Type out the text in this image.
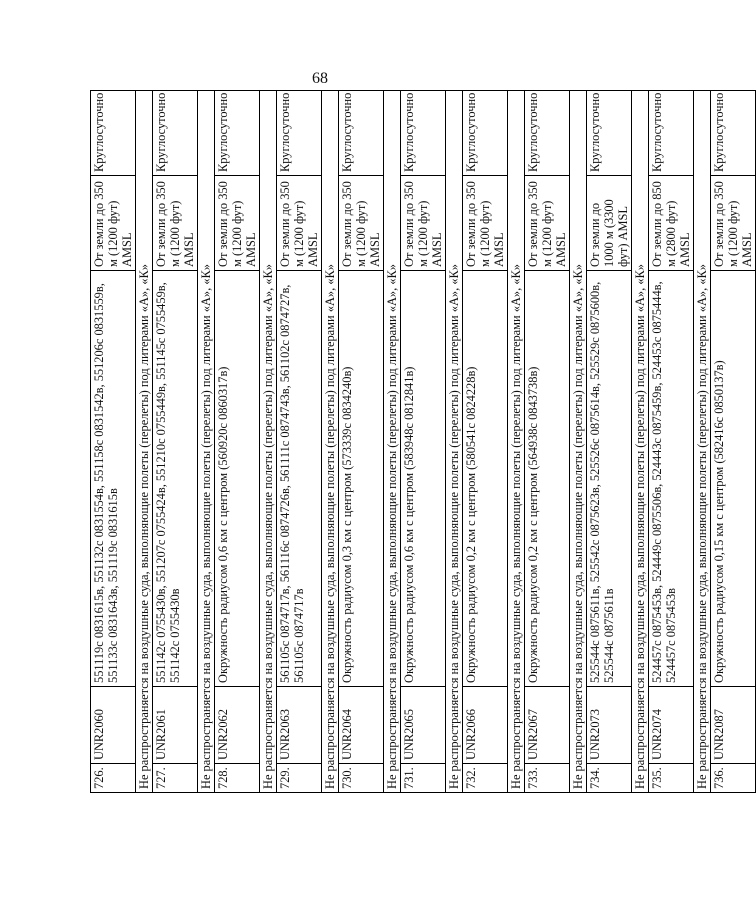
68
726.	UNR2060	551119с 0831615в, 551132с 0831554в, 551158с 0831542в, 551206с 0831559в, 551133с 0831643в, 551119с 0831615в	От земли до 350 м (1200 фут) AMSL	Круглосуточно
Не распространяется на воздушные суда, выполняющие полеты (перелеты) под литерами «А», «К»				
727.	UNR2061	551142с 0755430в, 551207с 0755424в, 551210с 0755449в, 551145с 0755459в, 551142с 0755430в	От земли до 350 м (1200 фут) AMSL	Круглосуточно
Не распространяется на воздушные суда, выполняющие полеты (перелеты) под литерами «А», «К»				
728.	UNR2062	Окружность радиусом 0,6 км с центром (560920с 0860317в)	От земли до 350 м (1200 фут) AMSL	Круглосуточно
Не распространяется на воздушные суда, выполняющие полеты (перелеты) под литерами «А», «К»				
729.	UNR2063	561105с 0874717в, 561116с 0874726в, 561111с 0874743в, 561102с 0874727в, 561105с 0874717в	От земли до 350 м (1200 фут) AMSL	Круглосуточно
Не распространяется на воздушные суда, выполняющие полеты (перелеты) под литерами «А», «К»				
730.	UNR2064	Окружность радиусом 0,3 км с центром (573339с 0834240в)	От земли до 350 м (1200 фут) AMSL	Круглосуточно
Не распространяется на воздушные суда, выполняющие полеты (перелеты) под литерами «А», «К»				
731.	UNR2065	Окружность радиусом 0,6 км с центром (583948с 0812841в)	От земли до 350 м (1200 фут) AMSL	Круглосуточно
Не распространяется на воздушные суда, выполняющие полеты (перелеты) под литерами «А», «К»				
732.	UNR2066	Окружность радиусом 0,2 км с центром (580541с 0824228в)	От земли до 350 м (1200 фут) AMSL	Круглосуточно
Не распространяется на воздушные суда, выполняющие полеты (перелеты) под литерами «А», «К»				
733.	UNR2067	Окружность радиусом 0,2 км с центром (564938с 0843738в)	От земли до 350 м (1200 фут) AMSL	Круглосуточно
Не распространяется на воздушные суда, выполняющие полеты (перелеты) под литерами «А», «К»				
734.	UNR2073	525544с 0875611в, 525542с 0875623в, 525526с 0875614в, 525529с 0875600в, 525544с 0875611в	От земли до 1000 м (3300 фут) AMSL	Круглосуточно
Не распространяется на воздушные суда, выполняющие полеты (перелеты) под литерами «А», «К»				
735.	UNR2074	524457с 0875453в, 524449с 0875506в, 524443с 0875459в, 524453с 0875444в, 524457с 0875453в	От земли до 850 м (2800 фут) AMSL	Круглосуточно
Не распространяется на воздушные суда, выполняющие полеты (перелеты) под литерами «А», «К»				
736.	UNR2087	Окружность радиусом 0,15 км с центром (582416с 0850137в)	От земли до 350 м (1200 фут) AMSL	Круглосуточно
